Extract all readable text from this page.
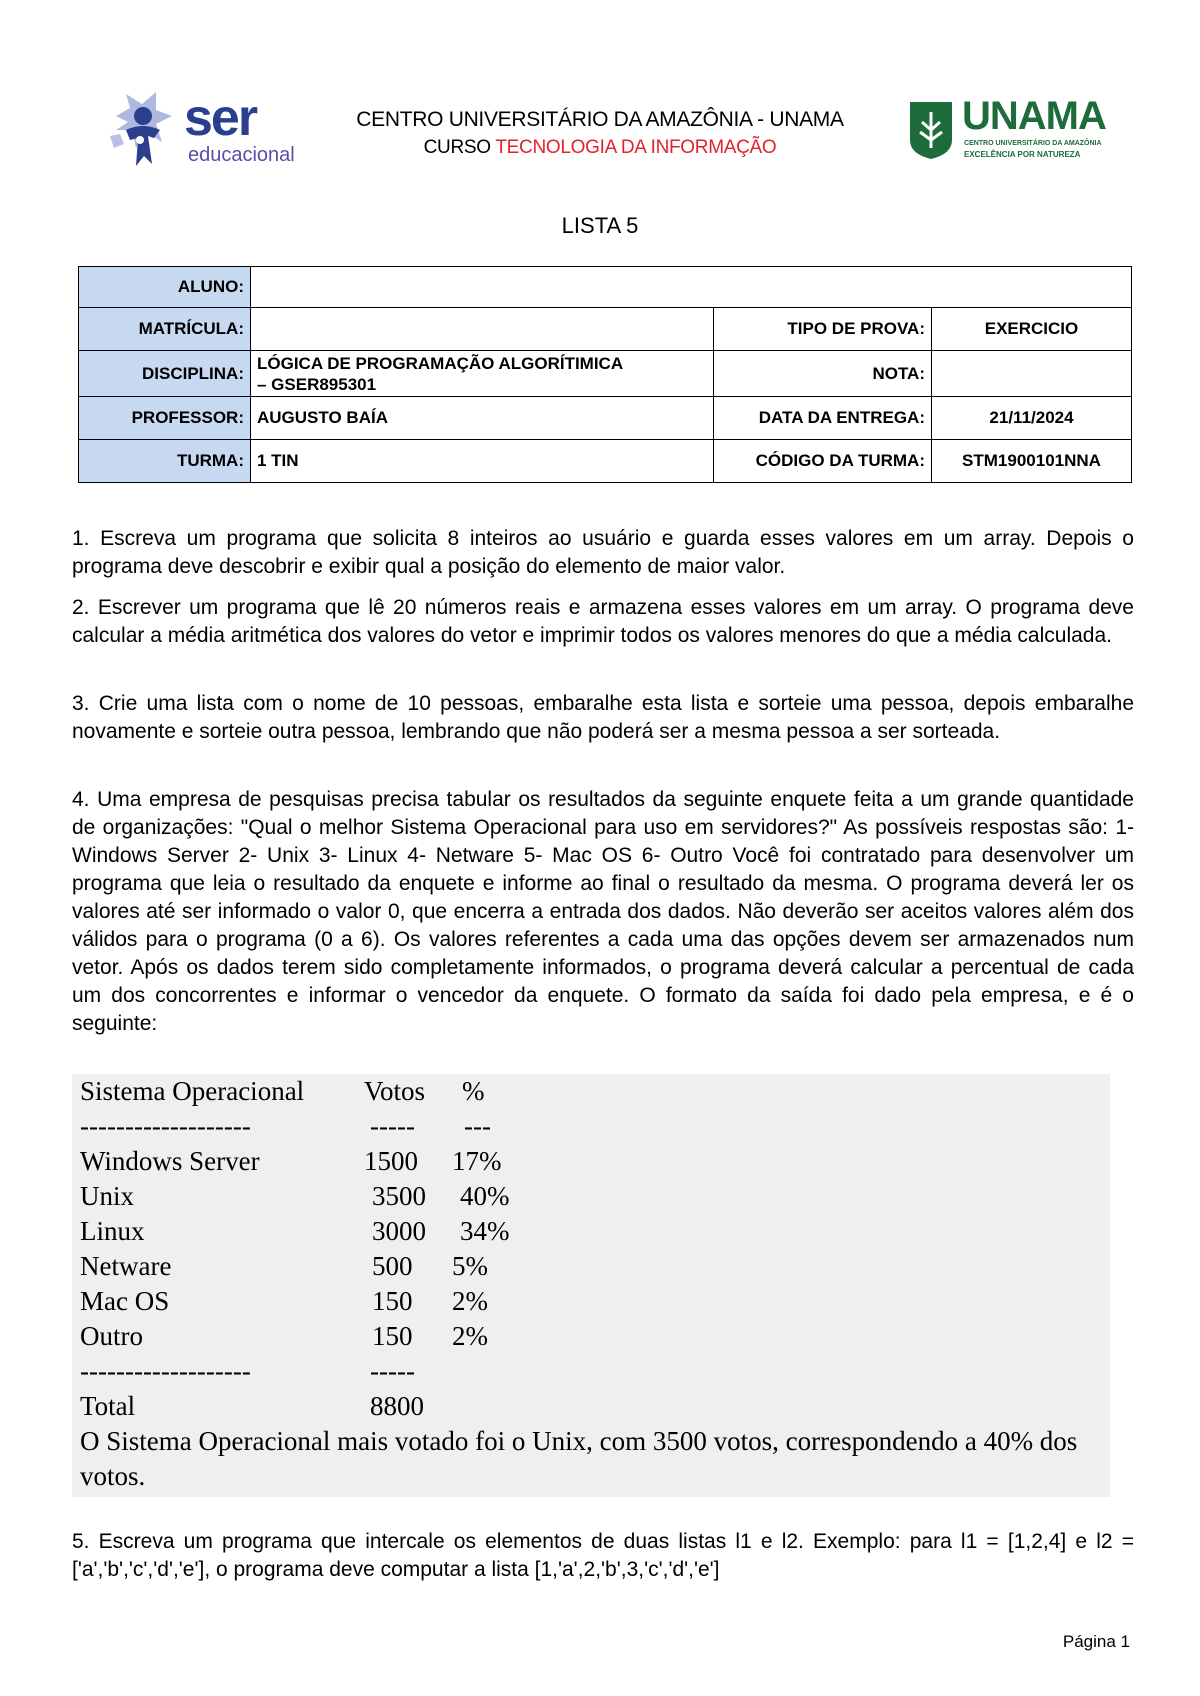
ser
educacional
CENTRO UNIVERSITÁRIO DA AMAZÔNIA - UNAMA
CURSO TECNOLOGIA DA INFORMAÇÃO
UNAMA
CENTRO UNIVERSITÁRIO DA AMAZÔNIA
EXCELÊNCIA POR NATUREZA
LISTA 5
ALUNO:			
MATRÍCULA:		TIPO DE PROVA:	EXERCICIO
DISCIPLINA:	LÓGICA DE PROGRAMAÇÃO ALGORÍTIMICA
– GSER895301	NOTA:	
PROFESSOR:	AUGUSTO BAÍA	DATA DA ENTREGA:	21/11/2024
TURMA:	1 TIN	CÓDIGO DA TURMA:	STM1900101NNA
1. Escreva um programa que solicita 8 inteiros ao usuário e guarda esses valores em um array. Depois o programa deve descobrir e exibir qual a posição do elemento de maior valor.
2. Escrever um programa que lê 20 números reais e armazena esses valores em um array. O programa deve calcular a média aritmética dos valores do vetor e imprimir todos os valores menores do que a média calculada.
3. Crie uma lista com o nome de 10 pessoas, embaralhe esta lista e sorteie uma pessoa, depois embaralhe novamente e sorteie outra pessoa, lembrando que não poderá ser a mesma pessoa a ser sorteada.
4. Uma empresa de pesquisas precisa tabular os resultados da seguinte enquete feita a um grande quantidade de organizações: "Qual o melhor Sistema Operacional para uso em servidores?" As possíveis respostas são: 1- Windows Server 2- Unix 3- Linux 4- Netware 5- Mac OS 6- Outro Você foi contratado para desenvolver um programa que leia o resultado da enquete e informe ao final o resultado da mesma. O programa deverá ler os valores até ser informado o valor 0, que encerra a entrada dos dados. Não deverão ser aceitos valores além dos válidos para o programa (0 a 6). Os valores referentes a cada uma das opções devem ser armazenados num vetor. Após os dados terem sido completamente informados, o programa deverá calcular a percentual de cada um dos concorrentes e informar o vencedor da enquete. O formato da saída foi dado pela empresa, e é o seguinte:
Sistema Operacional Votos %
-------------------	----- ---
Windows Server	1500 17%
Unix	3500 40%
Linux	3000 34%
Netware	500 5%
Mac OS	150 2%
Outro	150 2%
-------------------	-----
Total	8800
O Sistema Operacional mais votado foi o Unix, com 3500 votos, correspondendo a 40% dos votos.
5. Escreva um programa que intercale os elementos de duas listas l1 e l2. Exemplo: para l1 = [1,2,4] e l2 =['a','b','c','d','e'], o programa deve computar a lista [1,'a',2,'b',3,'c','d','e']
Página 1
